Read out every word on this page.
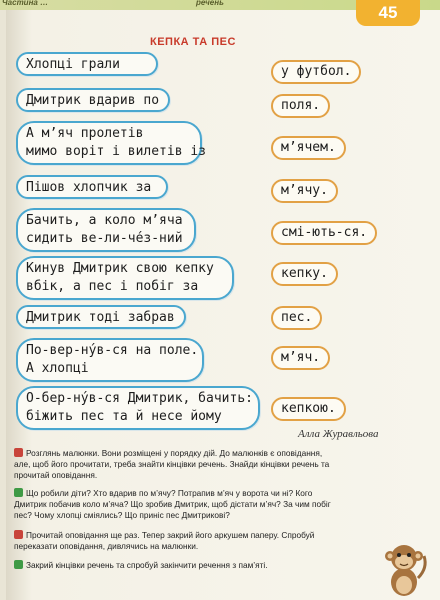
Частина …	речень
45
КЕПКА ТА ПЕС
Хлопці грали
Дмитрик вдарив по
А м’яч пролетів
мимо воріт і вилетів із
Пішов хлопчик за
Бачить, а коло м’яча
сидить ве-ли-че́з-ний
Кинув Дмитрик свою кепку
вбік, а пес і побіг за
Дмитрик тоді забрав
По-вер-ну́в-ся на поле.
А хлопці
О-бер-ну́в-ся Дмитрик, бачить:
біжить пес та й несе йому
у футбол.
поля.
м’ячем.
м’ячу.
смі-ють-ся.
кепку.
пес.
м’яч.
кепкою.
Алла Журавльова
Розглянь малюнки. Вони розміщені у порядку дій. До малюнків є оповідання,
але, щоб його прочитати, треба знайти кінцівки речень. Знайди кінцівки речень та
прочитай оповідання.
Що робили діти? Хто вдарив по м’ячу? Потрапив м’яч у ворота чи ні? Кого
Дмитрик побачив коло м’яча? Що зробив Дмитрик, щоб дістати м’яч? За чим побіг
пес? Чому хлопці сміялись? Що приніс пес Дмитрикові?
Прочитай оповідання ще раз. Тепер закрий його аркушем паперу. Спробуй
переказати оповідання, дивлячись на малюнки.
Закрий кінцівки речень та спробуй закінчити речення з пам’яті.
